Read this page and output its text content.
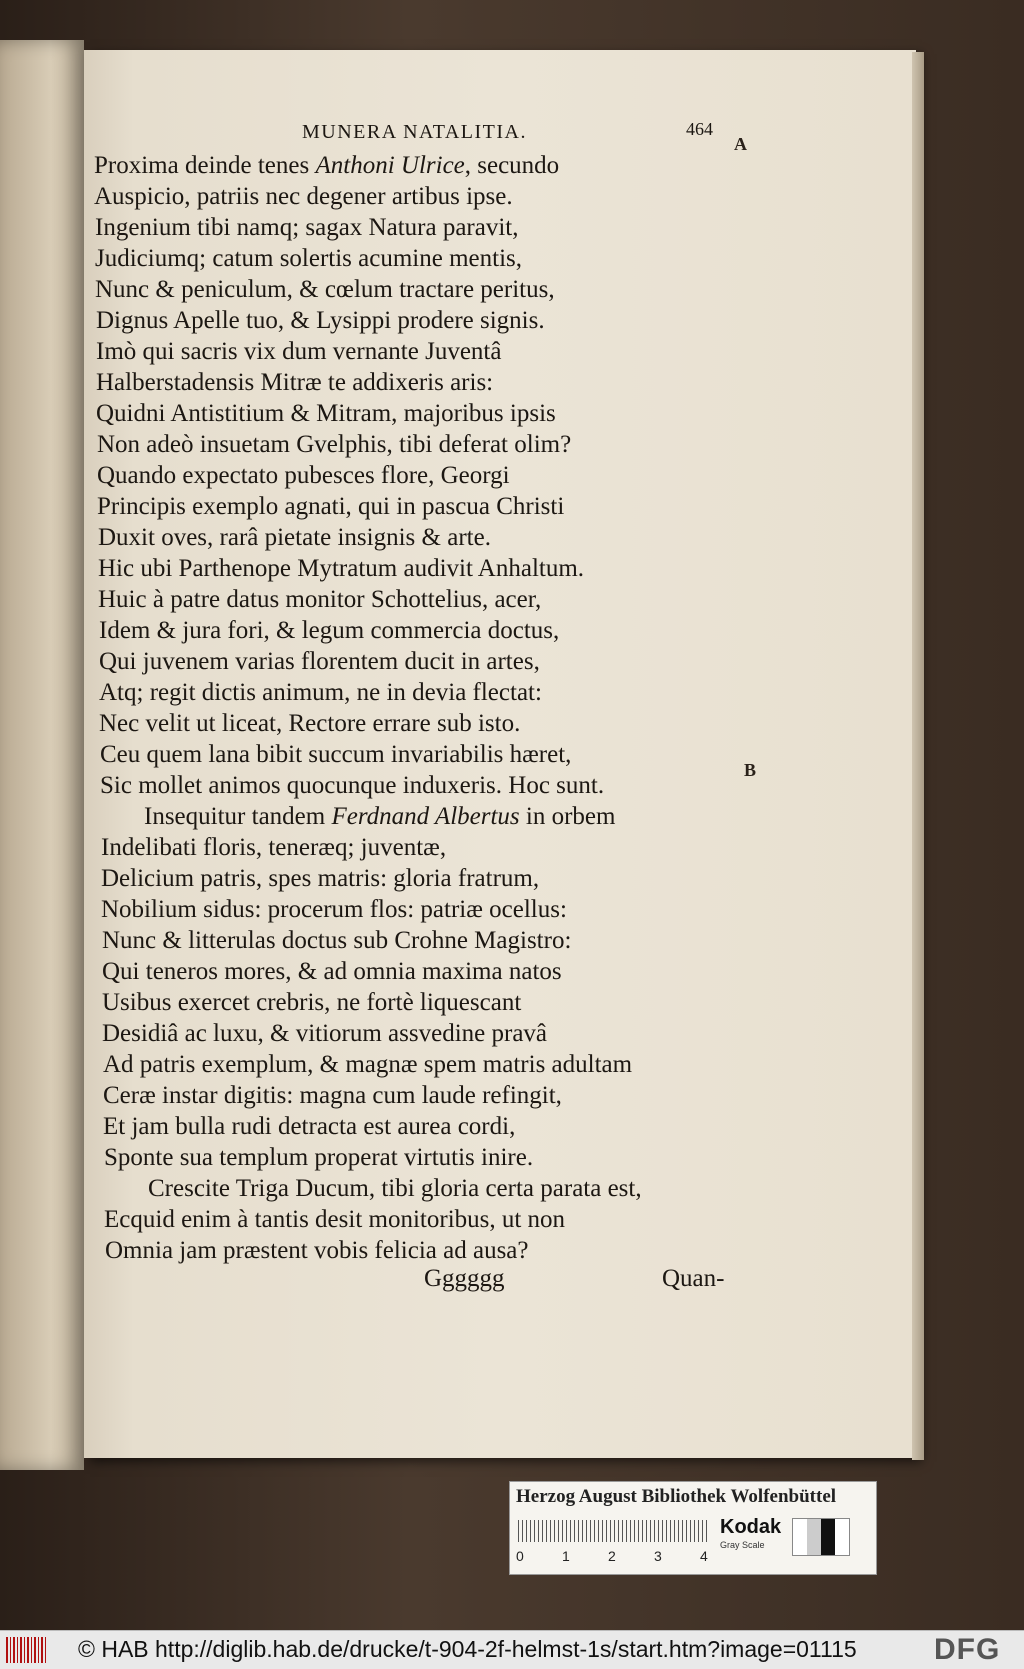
MUNERA NATALITIA.	464
A
B
Proxima deinde tenes Anthoni Ulrice, secundo
Auspicio, patriis nec degener artibus ipse.
Ingenium tibi namq; sagax Natura paravit,
Judiciumq; catum solertis acumine mentis,
Nunc & peniculum, & cœlum tractare peritus,
Dignus Apelle tuo, & Lysippi prodere signis.
Imò qui sacris vix dum vernante Juventâ
Halberstadensis Mitræ te addixeris aris:
Quidni Antistitium & Mitram, majoribus ipsis
Non adeò insuetam Gvelphis, tibi deferat olim?
Quando expectato pubesces flore, Georgi
Principis exemplo agnati, qui in pascua Christi
Duxit oves, rarâ pietate insignis & arte.
Hic ubi Parthenope Mytratum audivit Anhaltum.
Huic à patre datus monitor Schottelius, acer,
Idem & jura fori, & legum commercia doctus,
Qui juvenem varias florentem ducit in artes,
Atq; regit dictis animum, ne in devia flectat:
Nec velit ut liceat, Rectore errare sub isto.
Ceu quem lana bibit succum invariabilis hæret,
Sic mollet animos quocunque induxeris. Hoc sunt.
Insequitur tandem Ferdnand Albertus in orbem
Indelibati floris, teneræq; juventæ,
Delicium patris, spes matris: gloria fratrum,
Nobilium sidus: procerum flos: patriæ ocellus:
Nunc & litterulas doctus sub Crohne Magistro:
Qui teneros mores, & ad omnia maxima natos
Usibus exercet crebris, ne fortè liquescant
Desidiâ ac luxu, & vitiorum assvedine pravâ
Ad patris exemplum, & magnæ spem matris adultam
Ceræ instar digitis: magna cum laude refingit,
Et jam bulla rudi detracta est aurea cordi,
Sponte sua templum properat virtutis inire.
Crescite Triga Ducum, tibi gloria certa parata est,
Ecquid enim à tantis desit monitoribus, ut non
Omnia jam præstent vobis felicia ad ausa?
Gggggg	Quan-
Herzog August Bibliothek Wolfenbüttel
0	1	2	3	4
Kodak
Gray Scale
© HAB http://diglib.hab.de/drucke/t-904-2f-helmst-1s/start.htm?image=01115	DFG
